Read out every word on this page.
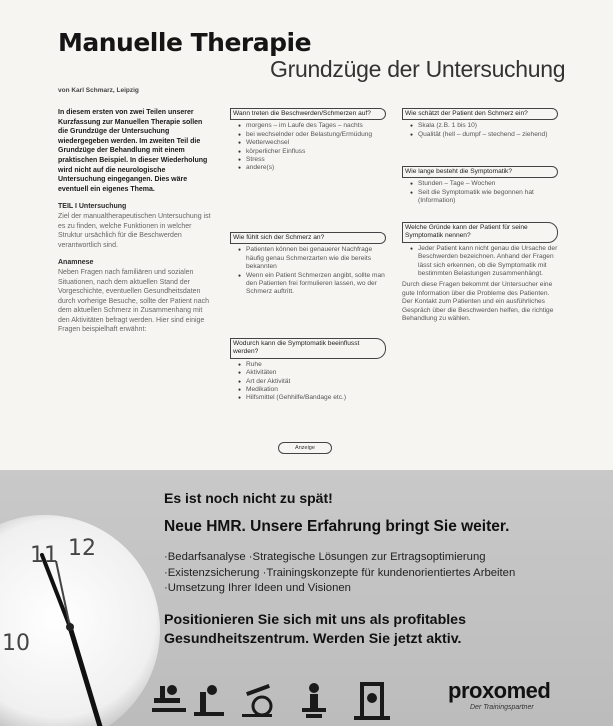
Manuelle Therapie
Grundzüge der Untersuchung
von Karl Schmarz, Leipzig

In diesem ersten von zwei Teilen unserer Kurzfassung zur Manuellen Therapie sollen die Grundzüge der Untersuchung wiedergegeben werden. Im zweiten Teil die Grundzüge der Behandlung mit einem praktischen Beispiel. In dieser Wiederholung wird nicht auf die neurologische Untersuchung eingegangen. Dies wäre eventuell ein eigenes Thema.

TEIL I Untersuchung

Ziel der manualtherapeutischen Untersuchung ist es zu finden, welche Funktionen in welcher Struktur ursächlich für die Beschwerden verantwortlich sind.

Anamnese

Neben Fragen nach familiären und sozialen Situationen, nach dem aktuellen Stand der Vorgeschichte, eventuellen Gesundheitsdaten durch vorherige Besuche, sollte der Patient nach dem aktuellen Schmerz in Zusammenhang mit den Aktivitäten befragt werden. Hier sind einige Fragen beispielhaft erwähnt:

Wann treten die Beschwerden/Schmerzen auf?
● morgens – im Laufe des Tages – nachts
● bei wechselnder oder Belastung/Ermüdung
● Wetterwechsel
● körperlicher Einfluss
● Stress
● andere(s)
Wie fühlt sich der Schmerz an?
● Patienten können bei genauerer Nachfrage häufig genau Schmerzarten wie die bereits bekannten
● Wenn ein Patient Schmerzen angibt, sollte man den Patienten frei formulieren lassen, wo der Schmerz auftritt.
Wodurch kann die Symptomatik beeinflusst werden?
● Ruhe
● Aktivitäten
● Art der Aktivität
● Medikation
● Hilfsmittel (Gehhilfe/Bandage etc.)
Wie schätzt der Patient den Schmerz ein?
● Skala (z.B. 1 bis 10)
● Qualität (hell – dumpf – stechend – ziehend)
Wie lange besteht die Symptomatik?
● Stunden – Tage – Wochen
● Seit die Symptomatik wie begonnen hat (Information)
Welche Gründe kann der Patient für seine Symptomatik nennen?
● Jeder Patient kann nicht genau die Ursache der Beschwerden bezeichnen. Anhand der Fragen lässt sich erkennen, ob die Symptomatik mit bestimmten Belastungen zusammenhängt.
Durch diese Fragen bekommt der Untersucher eine gute Information über die Probleme des Patienten. Der Kontakt zum Patienten und ein ausführliches Gespräch über die Beschwerden helfen, die richtige Behandlung zu wählen.
Anzeige
11 12
10
Es ist noch nicht zu spät!
Neue HMR. Unsere Erfahrung bringt Sie weiter.
·Bedarfsanalyse ·Strategische Lösungen zur Ertragsoptimierung
·Existenzsicherung ·Trainingskonzepte für kundenorientiertes Arbeiten
·Umsetzung Ihrer Ideen und Visionen
Positionieren Sie sich mit uns als profitables
Gesundheitszentrum. Werden Sie jetzt aktiv.
proxomed
Der Trainingspartner
